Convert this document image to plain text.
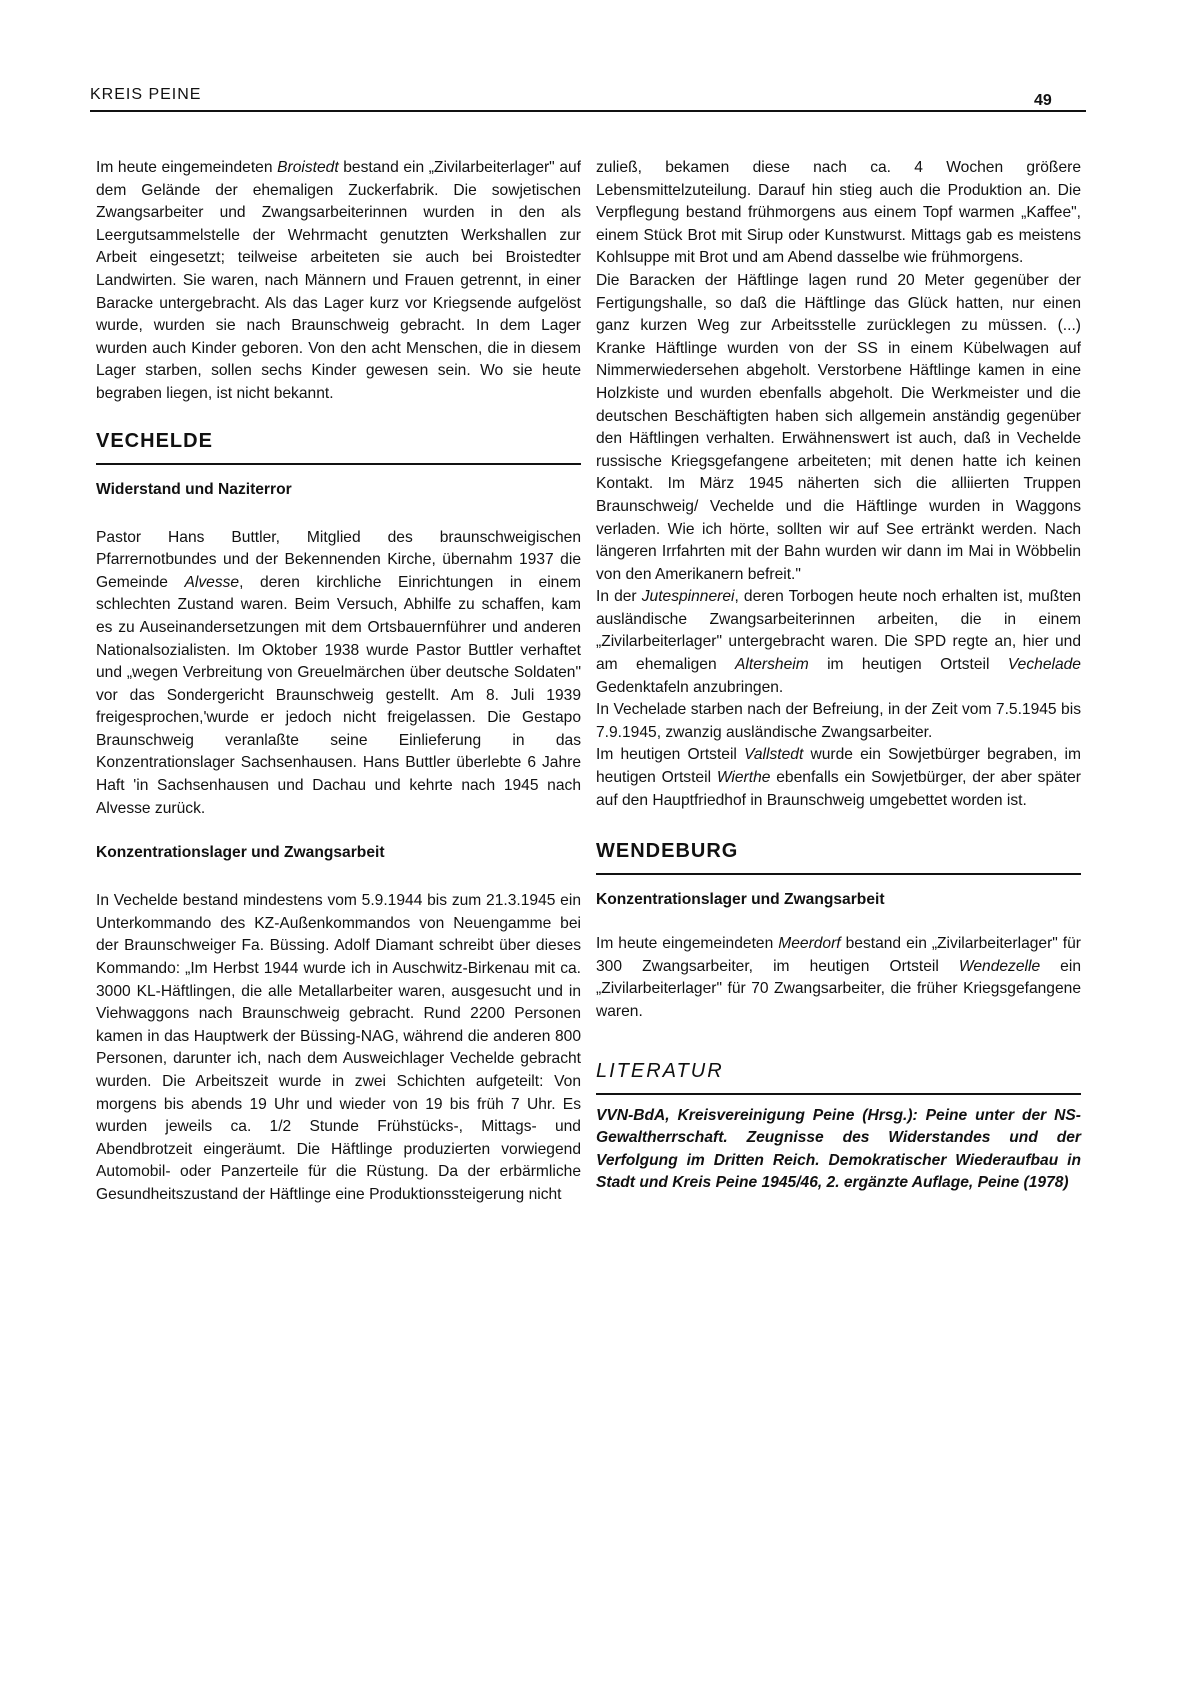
KREIS PEINE	49

Im heute eingemeindeten Broistedt bestand ein „Zivilarbeiterlager" auf dem Gelände der ehemaligen Zuckerfabrik. Die sowjetischen Zwangsarbeiter und Zwangsarbeiterinnen wurden in den als Leergutsammelstelle der Wehrmacht genutzten Werkshallen zur Arbeit eingesetzt; teilweise arbeiteten sie auch bei Broistedter Landwirten. Sie waren, nach Männern und Frauen getrennt, in einer Baracke untergebracht. Als das Lager kurz vor Kriegsende aufgelöst wurde, wurden sie nach Braunschweig gebracht. In dem Lager wurden auch Kinder geboren. Von den acht Menschen, die in diesem Lager starben, sollen sechs Kinder gewesen sein. Wo sie heute begraben liegen, ist nicht bekannt.

VECHELDE
Widerstand und Naziterror

Pastor Hans Buttler, Mitglied des braunschweigischen Pfarrernotbundes und der Bekennenden Kirche, übernahm 1937 die Gemeinde Alvesse, deren kirchliche Einrichtungen in einem schlechten Zustand waren. Beim Versuch, Abhilfe zu schaffen, kam es zu Auseinandersetzungen mit dem Ortsbauernführer und anderen Nationalsozialisten. Im Oktober 1938 wurde Pastor Buttler verhaftet und „wegen Verbreitung von Greuelmärchen über deutsche Soldaten" vor das Sondergericht Braunschweig gestellt. Am 8. Juli 1939 freigesprochen,'wurde er jedoch nicht freigelassen. Die Gestapo Braunschweig veranlaßte seine Einlieferung in das Konzentrationslager Sachsenhausen. Hans Buttler überlebte 6 Jahre Haft 'in Sachsenhausen und Dachau und kehrte nach 1945 nach Alvesse zurück.

Konzentrationslager und Zwangsarbeit

In Vechelde bestand mindestens vom 5.9.1944 bis zum 21.3.1945 ein Unterkommando des KZ-Außenkommandos von Neuengamme bei der Braunschweiger Fa. Büssing. Adolf Diamant schreibt über dieses Kommando: „Im Herbst 1944 wurde ich in Auschwitz-Birkenau mit ca. 3000 KL-Häftlingen, die alle Metallarbeiter waren, ausgesucht und in Viehwaggons nach Braunschweig gebracht. Rund 2200 Personen kamen in das Hauptwerk der Büssing-NAG, während die anderen 800 Personen, darunter ich, nach dem Ausweichlager Vechelde gebracht wurden. Die Arbeitszeit wurde in zwei Schichten aufgeteilt: Von morgens bis abends 19 Uhr und wieder von 19 bis früh 7 Uhr. Es wurden jeweils ca. 1/2 Stunde Frühstücks-, Mittags- und Abendbrotzeit eingeräumt. Die Häftlinge produzierten vorwiegend Automobil- oder Panzerteile für die Rüstung. Da der erbärmliche Gesundheitszustand der Häftlinge eine Produktionssteigerung nicht

zuließ, bekamen diese nach ca. 4 Wochen größere Lebensmittelzuteilung. Darauf hin stieg auch die Produktion an. Die Verpflegung bestand frühmorgens aus einem Topf warmen „Kaffee", einem Stück Brot mit Sirup oder Kunstwurst. Mittags gab es meistens Kohlsuppe mit Brot und am Abend dasselbe wie frühmorgens.

Die Baracken der Häftlinge lagen rund 20 Meter gegenüber der Fertigungshalle, so daß die Häftlinge das Glück hatten, nur einen ganz kurzen Weg zur Arbeitsstelle zurücklegen zu müssen. (...) Kranke Häftlinge wurden von der SS in einem Kübelwagen auf Nimmerwiedersehen abgeholt. Verstorbene Häftlinge kamen in eine Holzkiste und wurden ebenfalls abgeholt. Die Werkmeister und die deutschen Beschäftigten haben sich allgemein anständig gegenüber den Häftlingen verhalten. Erwähnenswert ist auch, daß in Vechelde russische Kriegsgefangene arbeiteten; mit denen hatte ich keinen Kontakt. Im März 1945 näherten sich die alliierten Truppen Braunschweig/ Vechelde und die Häftlinge wurden in Waggons verladen. Wie ich hörte, sollten wir auf See ertränkt werden. Nach längeren Irrfahrten mit der Bahn wurden wir dann im Mai in Wöbbelin von den Amerikanern befreit."

In der Jutespinnerei, deren Torbogen heute noch erhalten ist, mußten ausländische Zwangsarbeiterinnen arbeiten, die in einem „Zivilarbeiterlager" untergebracht waren. Die SPD regte an, hier und am ehemaligen Altersheim im heutigen Ortsteil Vechelade Gedenktafeln anzubringen.

In Vechelade starben nach der Befreiung, in der Zeit vom 7.5.1945 bis 7.9.1945, zwanzig ausländische Zwangsarbeiter.

Im heutigen Ortsteil Vallstedt wurde ein Sowjetbürger begraben, im heutigen Ortsteil Wierthe ebenfalls ein Sowjetbürger, der aber später auf den Hauptfriedhof in Braunschweig umgebettet worden ist.

WENDEBURG
Konzentrationslager und Zwangsarbeit

Im heute eingemeindeten Meerdorf bestand ein „Zivilarbeiterlager" für 300 Zwangsarbeiter, im heutigen Ortsteil Wendezelle ein „Zivilarbeiterlager" für 70 Zwangsarbeiter, die früher Kriegsgefangene waren.

LITERATUR

VVN-BdA, Kreisvereinigung Peine (Hrsg.): Peine unter der NS-Gewaltherrschaft. Zeugnisse des Widerstandes und der Verfolgung im Dritten Reich. Demokratischer Wiederaufbau in Stadt und Kreis Peine 1945/46, 2. ergänzte Auflage, Peine (1978)
